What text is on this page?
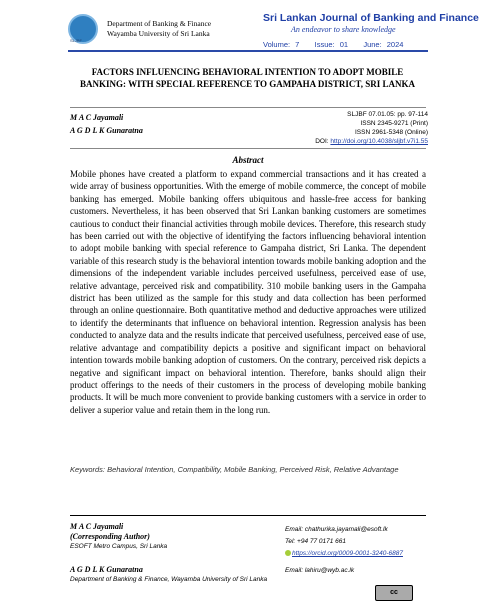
SLJBF
Department of Banking & Finance
Wayamba University of Sri Lanka
Sri Lankan Journal of Banking and Finance
An endeavor to share knowledge
Volume: 7 Issue: 01 June: 2024
FACTORS INFLUENCING BEHAVIORAL INTENTION TO ADOPT MOBILE BANKING: WITH SPECIAL REFERENCE TO GAMPAHA DISTRICT, SRI LANKA
M A C Jayamali
A G D L K Gunaratna
SLJBF 07.01.05: pp. 97-114
ISSN 2345-9271 (Print)
ISSN 2961-5348 (Online)
DOI: http://doi.org/10.4038/sljbf.v7i1.55
Abstract
Mobile phones have created a platform to expand commercial transactions and it has created a wide array of business opportunities. With the emerge of mobile commerce, the concept of mobile banking has emerged. Mobile banking offers ubiquitous and hassle-free access for banking customers. Nevertheless, it has been observed that Sri Lankan banking customers are sometimes cautious to conduct their financial activities through mobile devices. Therefore, this research study has been carried out with the objective of identifying the factors influencing behavioral intention to adopt mobile banking with special reference to Gampaha district, Sri Lanka. The dependent variable of this research study is the behavioral intention towards mobile banking adoption and the dimensions of the independent variable includes perceived usefulness, perceived ease of use, relative advantage, perceived risk and compatibility. 310 mobile banking users in the Gampaha district has been utilized as the sample for this study and data collection has been performed through an online questionnaire. Both quantitative method and deductive approaches were utilized to identify the determinants that influence on behavioral intention. Regression analysis has been conducted to analyze data and the results indicate that perceived usefulness, perceived ease of use, relative advantage and compatibility depicts a positive and significant impact on behavioral intention towards mobile banking adoption of customers. On the contrary, perceived risk depicts a negative and significant impact on behavioral intention. Therefore, banks should align their product offerings to the needs of their customers in the process of developing mobile banking products. It will be much more convenient to provide banking customers with a service in order to deliver a superior value and retain them in the long run.
Keywords: Behavioral Intention, Compatibility, Mobile Banking, Perceived Risk, Relative Advantage
M A C Jayamali
(Corresponding Author)
ESOFT Metro Campus, Sri Lanka
Email: chathurika.jayamali@esoft.lk
Tel: +94 77 0171 661
https://orcid.org/0009-0001-3240-6887
A G D L K Gunaratna
Department of Banking & Finance, Wayamba University of Sri Lanka
Email: lahiru@wyb.ac.lk
cc
